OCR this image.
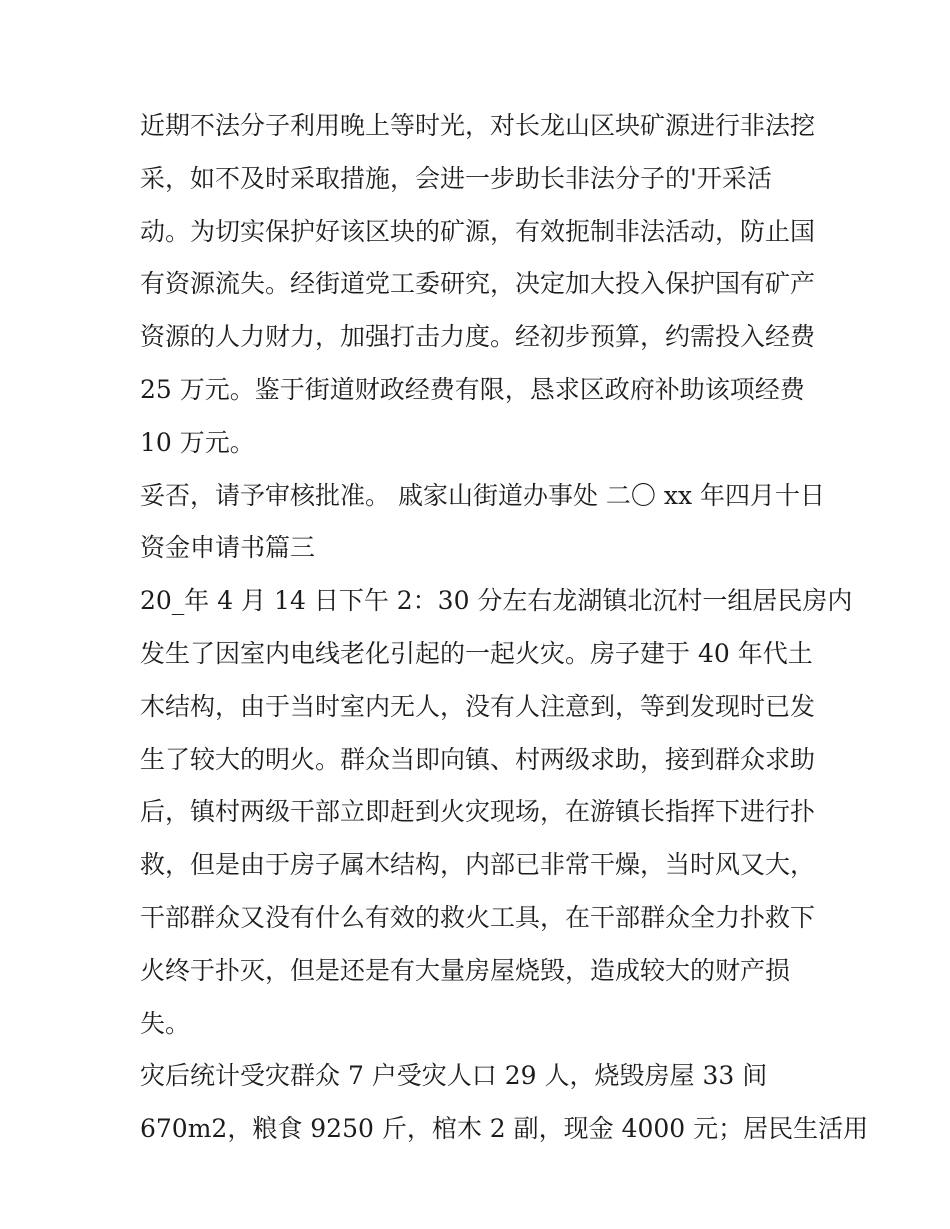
近期不法分子利用晚上等时光，对长龙山区块矿源进行非法挖
采，如不及时采取措施，会进一步助长非法分子的'开采活
动。为切实保护好该区块的矿源，有效扼制非法活动，防止国
有资源流失。经街道党工委研究，决定加大投入保护国有矿产
资源的人力财力，加强打击力度。经初步预算，约需投入经费
25 万元。鉴于街道财政经费有限，恳求区政府补助该项经费
10 万元。
妥否，请予审核批准。 戚家山街道办事处 二〇 xx 年四月十日
资金申请书篇三
20_年 4 月 14 日下午 2：30 分左右龙湖镇北沉村一组居民房内
发生了因室内电线老化引起的一起火灾。房子建于 40 年代土
木结构，由于当时室内无人，没有人注意到，等到发现时已发
生了较大的明火。群众当即向镇、村两级求助，接到群众求助
后，镇村两级干部立即赶到火灾现场，在游镇长指挥下进行扑
救，但是由于房子属木结构，内部已非常干燥，当时风又大，
干部群众又没有什么有效的救火工具，在干部群众全力扑救下
火终于扑灭，但是还是有大量房屋烧毁，造成较大的财产损
失。
灾后统计受灾群众 7 户受灾人口 29 人，烧毁房屋 33 间
670m2，粮食 9250 斤，棺木 2 副，现金 4000 元；居民生活用
